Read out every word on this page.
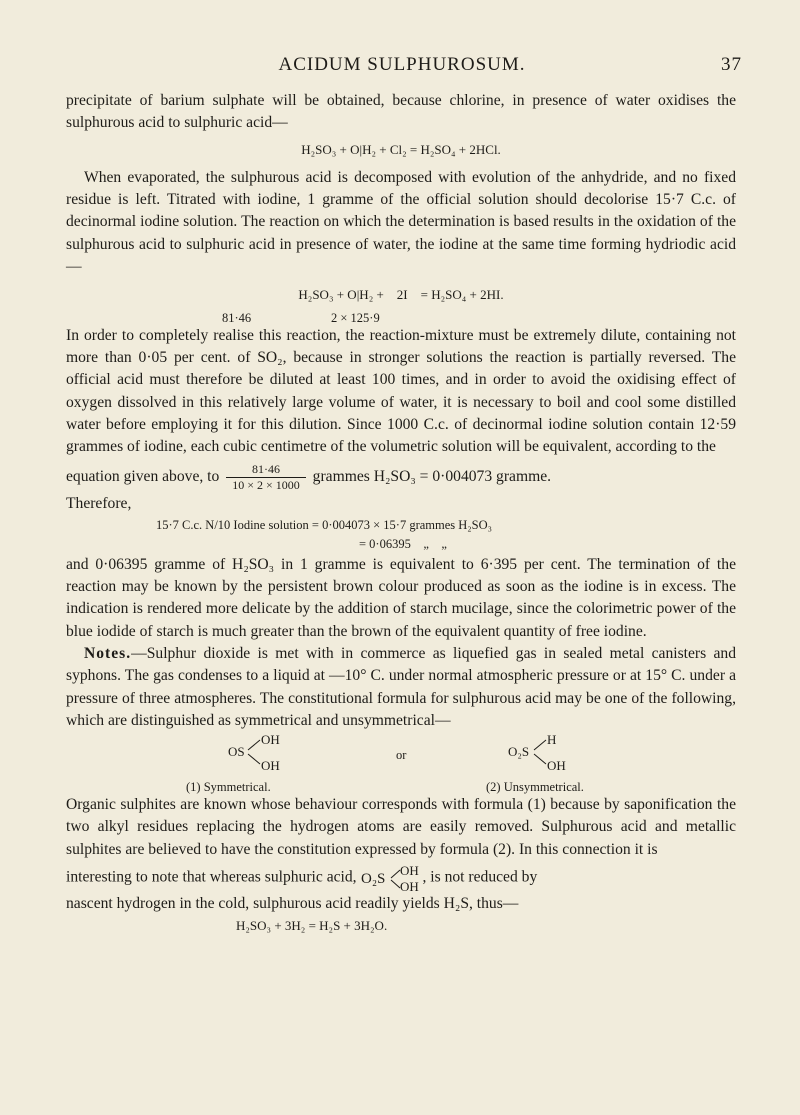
ACIDUM SULPHUROSUM.	37

precipitate of barium sulphate will be obtained, because chlorine, in presence of water oxidises the sulphurous acid to sulphuric acid—

H₂SO₃ + O|H₂ + Cl₂ = H₂SO₄ + 2HCl.

When evaporated, the sulphurous acid is decomposed with evolution of the anhydride, and no fixed residue is left. Titrated with iodine, 1 gramme of the official solution should decolorise 15·7 C.c. of decinormal iodine solution. The reaction on which the determination is based results in the oxidation of the sulphurous acid to sulphuric acid in presence of water, the iodine at the same time forming hydriodic acid—

H₂SO₃ + O|H₂ +    2I    = H₂SO₄ + 2HI.
81·46	2 × 125·9

In order to completely realise this reaction, the reaction-mixture must be extremely dilute, containing not more than 0·05 per cent. of SO₂, because in stronger solutions the reaction is partially reversed. The official acid must therefore be diluted at least 100 times, and in order to avoid the oxidising effect of oxygen dissolved in this relatively large volume of water, it is necessary to boil and cool some distilled water before employing it for this dilution. Since 1000 C.c. of decinormal iodine solution contain 12·59 grammes of iodine, each cubic centimetre of the volumetric solution will be equivalent, according to the

equation given above, to $\frac{81\cdot 46}{10 \times 2 \times 1000}$ grammes H₂SO₃ = 0·004073 gramme.

Therefore,

15·7 C.c. N/10 Iodine solution = 0·004073 × 15·7 grammes H₂SO₃
= 0·06395    „    „

and 0·06395 gramme of H₂SO₃ in 1 gramme is equivalent to 6·395 per cent. The termination of the reaction may be known by the persistent brown colour produced as soon as the iodine is in excess. The indication is rendered more delicate by the addition of starch mucilage, since the colorimetric power of the blue iodide of starch is much greater than the brown of the equivalent quantity of free iodine.

Notes.—Sulphur dioxide is met with in commerce as liquefied gas in sealed metal canisters and syphons. The gas condenses to a liquid at —10° C. under normal atmospheric pressure or at 15° C. under a pressure of three atmospheres. The constitutional formula for sulphurous acid may be one of the following, which are distinguished as symmetrical and unsymmetrical—

OS
OH
OH
or	O₂S
H
OH
(1) Symmetrical.	(2) Unsymmetrical.

Organic sulphites are known whose behaviour corresponds with formula (1) because by saponification the two alkyl residues replacing the hydrogen atoms are easily removed. Sulphurous acid and metallic sulphites are believed to have the constitution expressed by formula (2). In this connection it is

interesting to note that whereas sulphuric acid, O₂S
OH
OH
, is not reduced by

nascent hydrogen in the cold, sulphurous acid readily yields H₂S, thus—

H₂SO₃ + 3H₂ = H₂S + 3H₂O.
